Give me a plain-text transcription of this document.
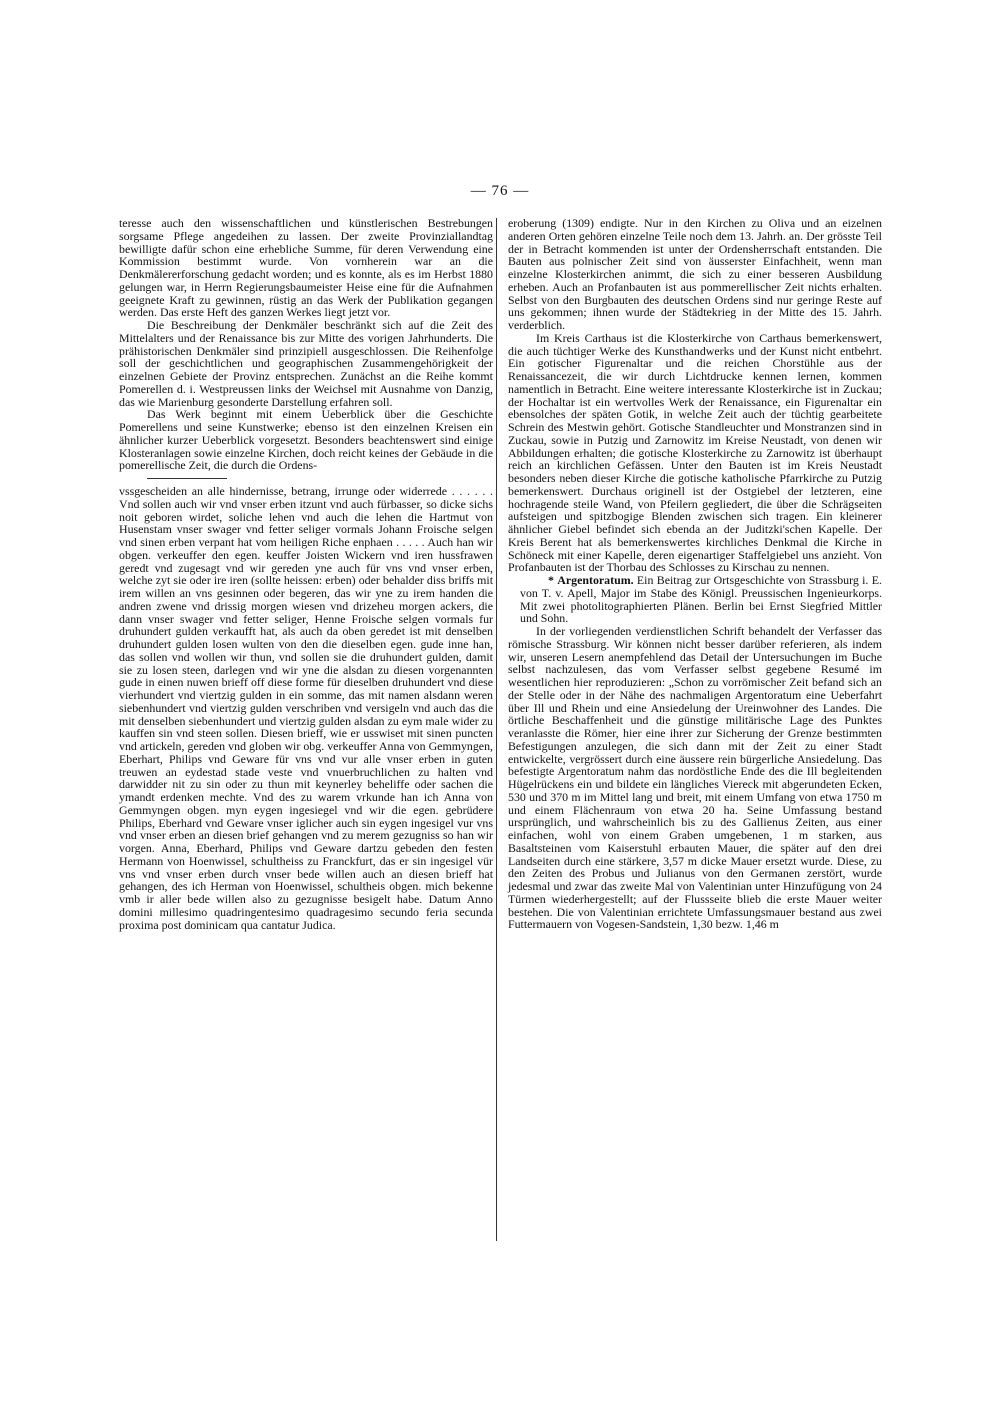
— 76 —

teresse auch den wissenschaftlichen und künstlerischen Bestrebungen sorgsame Pflege angedeihen zu lassen. Der zweite Provinziallandtag bewilligte dafür schon eine erhebliche Summe, für deren Verwendung eine Kommission bestimmt wurde. Von vornherein war an die Denkmälererforschung gedacht worden; und es konnte, als es im Herbst 1880 gelungen war, in Herrn Regierungsbaumeister Heise eine für die Aufnahmen geeignete Kraft zu gewinnen, rüstig an das Werk der Publikation gegangen werden. Das erste Heft des ganzen Werkes liegt jetzt vor.

Die Beschreibung der Denkmäler beschränkt sich auf die Zeit des Mittelalters und der Renaissance bis zur Mitte des vorigen Jahrhunderts. Die prähistorischen Denkmäler sind prinzipiell ausgeschlossen. Die Reihenfolge soll der geschichtlichen und geographischen Zusammengehörigkeit der einzelnen Gebiete der Provinz entsprechen. Zunächst an die Reihe kommt Pomerellen d. i. Westpreussen links der Weichsel mit Ausnahme von Danzig, das wie Marienburg gesonderte Darstellung erfahren soll.

Das Werk beginnt mit einem Ueberblick über die Geschichte Pomerellens und seine Kunstwerke; ebenso ist den einzelnen Kreisen ein ähnlicher kurzer Ueberblick vorgesetzt. Besonders beachtenswert sind einige Klosteranlagen sowie einzelne Kirchen, doch reicht keines der Gebäude in die pomerellische Zeit, die durch die Ordens-

vssgescheiden an alle hindernisse, betrang, irrunge oder widerrede . . . . . . Vnd sollen auch wir vnd vnser erben itzunt vnd auch fürbasser, so dicke sichs noit geboren wirdet, soliche lehen vnd auch die lehen die Hartmut von Husenstam vnser swager vnd fetter seliger vormals Johann Froische selgen vnd sinen erben verpant hat vom heiligen Riche enphaen . . . . . Auch han wir obgen. verkeuffer den egen. keuffer Joisten Wickern vnd iren hussfrawen geredt vnd zugesagt vnd wir gereden yne auch für vns vnd vnser erben, welche zyt sie oder ire iren (sollte heissen: erben) oder behalder diss briffs mit irem willen an vns gesinnen oder begeren, das wir yne zu irem handen die andren zwene vnd drissig morgen wiesen vnd drizeheu morgen ackers, die dann vnser swager vnd fetter seliger, Henne Froische selgen vormals fur druhundert gulden verkaufft hat, als auch da oben geredet ist mit denselben druhundert gulden losen wulten von den die dieselben egen. gude inne han, das sollen vnd wollen wir thun, vnd sollen sie die druhundert gulden, damit sie zu losen steen, darlegen vnd wir yne die alsdan zu diesen vorgenannten gude in einen nuwen brieff off diese forme für dieselben druhundert vnd diese vierhundert vnd viertzig gulden in ein somme, das mit namen alsdann weren siebenhundert vnd viertzig gulden verschriben vnd versigeln vnd auch das die mit denselben siebenhundert und viertzig gulden alsdan zu eym male wider zu kauffen sin vnd steen sollen. Diesen brieff, wie er usswiset mit sinen puncten vnd artickeln, gereden vnd globen wir obg. verkeuffer Anna von Gemmyngen, Eberhart, Philips vnd Geware für vns vnd vur alle vnser erben in guten treuwen an eydestad stade veste vnd vnuerbruchlichen zu halten vnd darwidder nit zu sin oder zu thun mit keynerley beheliffe oder sachen die ymandt erdenken mechte. Vnd des zu warem vrkunde han ich Anna von Gemmyngen obgen. myn eygen ingesiegel vnd wir die egen. gebrüdere Philips, Eberhard vnd Geware vnser iglicher auch sin eygen ingesigel vur vns vnd vnser erben an diesen brief gehangen vnd zu merem gezugniss so han wir vorgen. Anna, Eberhard, Philips vnd Geware dartzu gebeden den festen Hermann von Hoenwissel, schultheiss zu Franckfurt, das er sin ingesigel vür vns vnd vnser erben durch vnser bede willen auch an diesen brieff hat gehangen, des ich Herman von Hoenwissel, schultheis obgen. mich bekenne vmb ir aller bede willen also zu gezugnisse besigelt habe. Datum Anno domini millesimo quadringentesimo quadragesimo secundo feria secunda proxima post dominicam qua cantatur Judica.

eroberung (1309) endigte. Nur in den Kirchen zu Oliva und an eizelnen anderen Orten gehören einzelne Teile noch dem 13. Jahrh. an. Der grösste Teil der in Betracht kommenden ist unter der Ordensherrschaft entstanden. Die Bauten aus polnischer Zeit sind von äusserster Einfachheit, wenn man einzelne Klosterkirchen animmt, die sich zu einer besseren Ausbildung erheben. Auch an Profanbauten ist aus pommerellischer Zeit nichts erhalten. Selbst von den Burgbauten des deutschen Ordens sind nur geringe Reste auf uns gekommen; ihnen wurde der Städtekrieg in der Mitte des 15. Jahrh. verderblich.

Im Kreis Carthaus ist die Klosterkirche von Carthaus bemerkenswert, die auch tüchtiger Werke des Kunsthandwerks und der Kunst nicht entbehrt. Ein gotischer Figurenaltar und die reichen Chorstühle aus der Renaissancezeit, die wir durch Lichtdrucke kennen lernen, kommen namentlich in Betracht. Eine weitere interessante Klosterkirche ist in Zuckau; der Hochaltar ist ein wertvolles Werk der Renaissance, ein Figurenaltar ein ebensolches der späten Gotik, in welche Zeit auch der tüchtig gearbeitete Schrein des Mestwin gehört. Gotische Standleuchter und Monstranzen sind in Zuckau, sowie in Putzig und Zarnowitz im Kreise Neustadt, von denen wir Abbildungen erhalten; die gotische Klosterkirche zu Zarnowitz ist überhaupt reich an kirchlichen Gefässen. Unter den Bauten ist im Kreis Neustadt besonders neben dieser Kirche die gotische katholische Pfarrkirche zu Putzig bemerkenswert. Durchaus originell ist der Ostgiebel der letzteren, eine hochragende steile Wand, von Pfeilern gegliedert, die über die Schrägseiten aufsteigen und spitzbogige Blenden zwischen sich tragen. Ein kleinerer ähnlicher Giebel befindet sich ebenda an der Juditzki'schen Kapelle. Der Kreis Berent hat als bemerkenswertes kirchliches Denkmal die Kirche in Schöneck mit einer Kapelle, deren eigenartiger Staffelgiebel uns anzieht. Von Profanbauten ist der Thorbau des Schlosses zu Kirschau zu nennen.

* Argentoratum. Ein Beitrag zur Ortsgeschichte von Strassburg i. E. von T. v. Apell, Major im Stabe des Königl. Preussischen Ingenieurkorps. Mit zwei photolitographierten Plänen. Berlin bei Ernst Siegfried Mittler und Sohn.

In der vorliegenden verdienstlichen Schrift behandelt der Verfasser das römische Strassburg. Wir können nicht besser darüber referieren, als indem wir, unseren Lesern anempfehlend das Detail der Untersuchungen im Buche selbst nachzulesen, das vom Verfasser selbst gegebene Resumé im wesentlichen hier reproduzieren: „Schon zu vorrömischer Zeit befand sich an der Stelle oder in der Nähe des nachmaligen Argentoratum eine Ueberfahrt über Ill und Rhein und eine Ansiedelung der Ureinwohner des Landes. Die örtliche Beschaffenheit und die günstige militärische Lage des Punktes veranlasste die Römer, hier eine ihrer zur Sicherung der Grenze bestimmten Befestigungen anzulegen, die sich dann mit der Zeit zu einer Stadt entwickelte, vergrössert durch eine äussere rein bürgerliche Ansiedelung. Das befestigte Argentoratum nahm das nordöstliche Ende des die Ill begleitenden Hügelrückens ein und bildete ein längliches Viereck mit abgerundeten Ecken, 530 und 370 m im Mittel lang und breit, mit einem Umfang von etwa 1750 m und einem Flächenraum von etwa 20 ha. Seine Umfassung bestand ursprünglich, und wahrscheinlich bis zu des Gallienus Zeiten, aus einer einfachen, wohl von einem Graben umgebenen, 1 m starken, aus Basaltsteinen vom Kaiserstuhl erbauten Mauer, die später auf den drei Landseiten durch eine stärkere, 3,57 m dicke Mauer ersetzt wurde. Diese, zu den Zeiten des Probus und Julianus von den Germanen zerstört, wurde jedesmal und zwar das zweite Mal von Valentinian unter Hinzufügung von 24 Türmen wiederhergestellt; auf der Flussseite blieb die erste Mauer weiter bestehen. Die von Valentinian errichtete Umfassungsmauer bestand aus zwei Futtermauern von Vogesen-Sandstein, 1,30 bezw. 1,46 m
